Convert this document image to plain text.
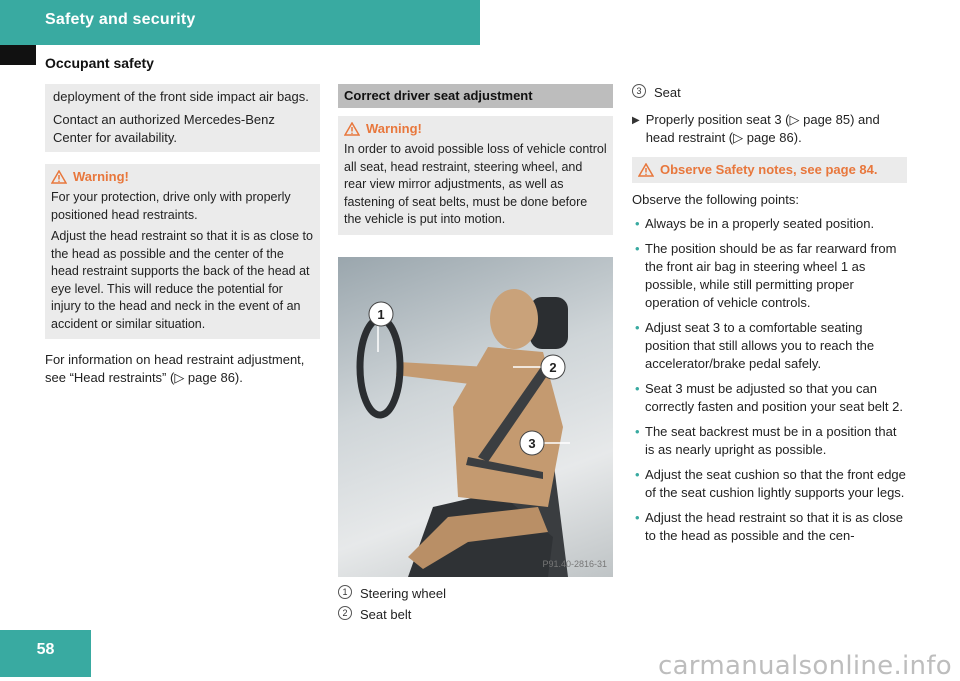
Safety and security
Occupant safety

deployment of the front side impact air bags.

Contact an authorized Mercedes-Benz Center for availability.

Warning!

For your protection, drive only with properly positioned head restraints.

Adjust the head restraint so that it is as close to the head as possible and the center of the head restraint supports the back of the head at eye level. This will reduce the potential for injury to the head and neck in the event of an accident or similar situation.

For information on head restraint adjustment, see “Head restraints” (▷ page 86).

Correct driver seat adjustment
Warning!

In order to avoid possible loss of vehicle control all seat, head restraint, steering wheel, and rear view mirror adjustments, as well as fastening of seat belts, must be done before the vehicle is put into motion.

1
2
3
P91.40-2816-31
1 Steering wheel
2 Seat belt
3 Seat
▶ Properly position seat 3 (▷ page 85) and head restraint (▷ page 86).
Observe Safety notes, see page 84.

Observe the following points:

• Always be in a properly seated position.
• The position should be as far rearward from the front air bag in steering wheel 1 as possible, while still permitting proper operation of vehicle controls.
• Adjust seat 3 to a comfortable seating position that still allows you to reach the accelerator/brake pedal safely.
• Seat 3 must be adjusted so that you can correctly fasten and position your seat belt 2.
• The seat backrest must be in a position that is as nearly upright as possible.
• Adjust the seat cushion so that the front edge of the seat cushion lightly supports your legs.
• Adjust the head restraint so that it is as close to the head as possible and the cen-
58
carmanualsonline.info
